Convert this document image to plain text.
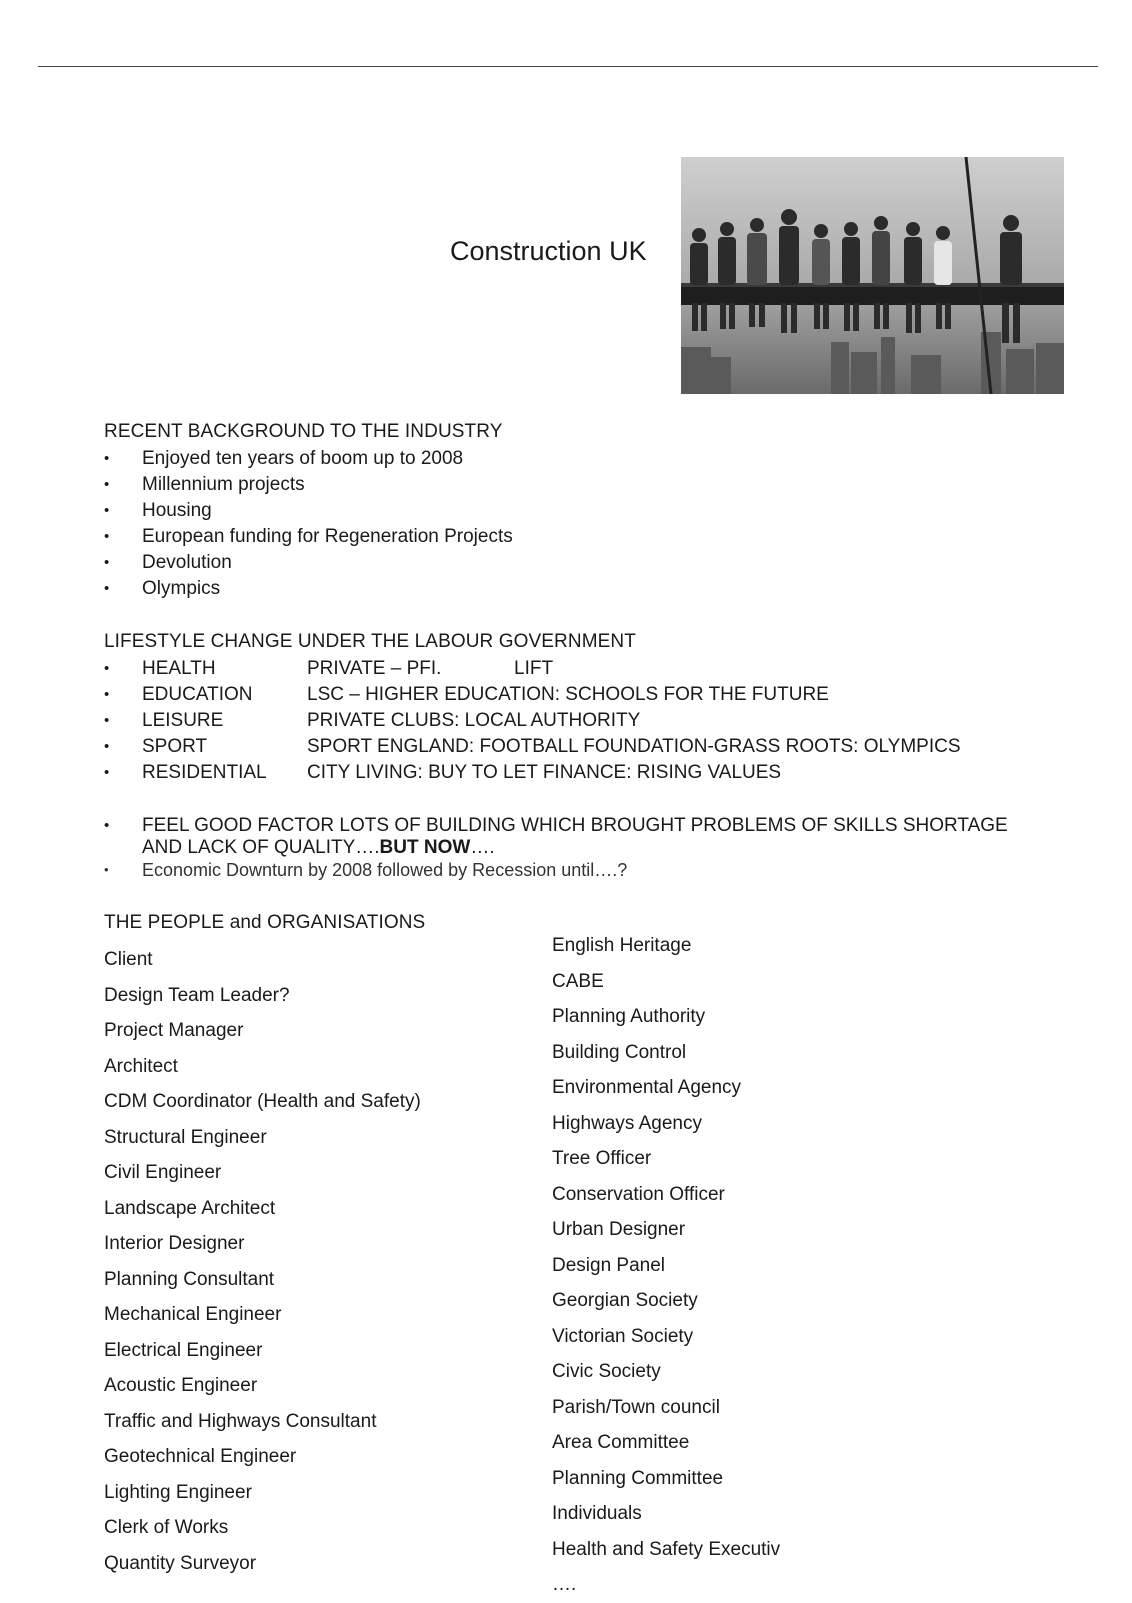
Construction UK
RECENT BACKGROUND TO THE INDUSTRY
• Enjoyed ten years of boom up to 2008
• Millennium projects
• Housing
• European funding for Regeneration Projects
• Devolution
• Olympics
LIFESTYLE CHANGE UNDER THE LABOUR GOVERNMENT
• HEALTH	PRIVATE – PFI.	LIFT
• EDUCATION	LSC – HIGHER EDUCATION: SCHOOLS FOR THE FUTURE
• LEISURE	PRIVATE CLUBS: LOCAL AUTHORITY
• SPORT	SPORT ENGLAND: FOOTBALL FOUNDATION-GRASS ROOTS: OLYMPICS
• RESIDENTIAL CITY LIVING: BUY TO LET FINANCE: RISING VALUES
• FEEL GOOD FACTOR LOTS OF BUILDING WHICH BROUGHT PROBLEMS OF SKILLS SHORTAGE AND LACK OF QUALITY….BUT NOW….
• Economic Downturn by 2008 followed by Recession until….?
THE PEOPLE and ORGANISATIONS
Client
Design Team Leader?
Project Manager
Architect
CDM Coordinator (Health and Safety)
Structural Engineer
Civil Engineer
Landscape Architect
Interior Designer
Planning Consultant
Mechanical Engineer
Electrical Engineer
Acoustic Engineer
Traffic and Highways Consultant
Geotechnical Engineer
Lighting Engineer
Clerk of Works
Quantity Surveyor
English Heritage
CABE
Planning Authority
Building Control
Environmental Agency
Highways Agency
Tree Officer
Conservation Officer
Urban Designer
Design Panel
Georgian Society
Victorian Society
Civic Society
Parish/Town council
Area Committee
Planning Committee
Individuals
Health and Safety Executiv
….
